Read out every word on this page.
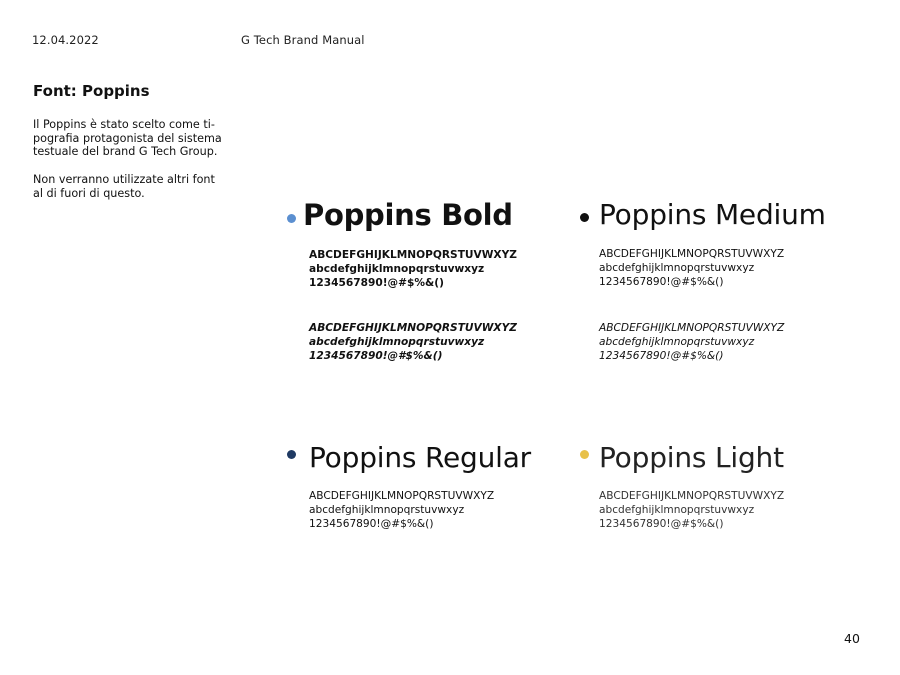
12.04.2022	G Tech Brand Manual
Font: Poppins
Il Poppins è stato scelto come ti-
pografia protagonista del sistema
testuale del brand G Tech Group.
Non verranno utilizzate altri font
al di fuori di questo.
Poppins Bold
ABCDEFGHIJKLMNOPQRSTUVWXYZ
abcdefghijklmnopqrstuvwxyz
1234567890!@#$%&()
ABCDEFGHIJKLMNOPQRSTUVWXYZ
abcdefghijklmnopqrstuvwxyz
1234567890!@#$%&()
Poppins Medium
ABCDEFGHIJKLMNOPQRSTUVWXYZ
abcdefghijklmnopqrstuvwxyz
1234567890!@#$%&()
ABCDEFGHIJKLMNOPQRSTUVWXYZ
abcdefghijklmnopqrstuvwxyz
1234567890!@#$%&()
Poppins Regular
ABCDEFGHIJKLMNOPQRSTUVWXYZ
abcdefghijklmnopqrstuvwxyz
1234567890!@#$%&()
Poppins Light
ABCDEFGHIJKLMNOPQRSTUVWXYZ
abcdefghijklmnopqrstuvwxyz
1234567890!@#$%&()
40
